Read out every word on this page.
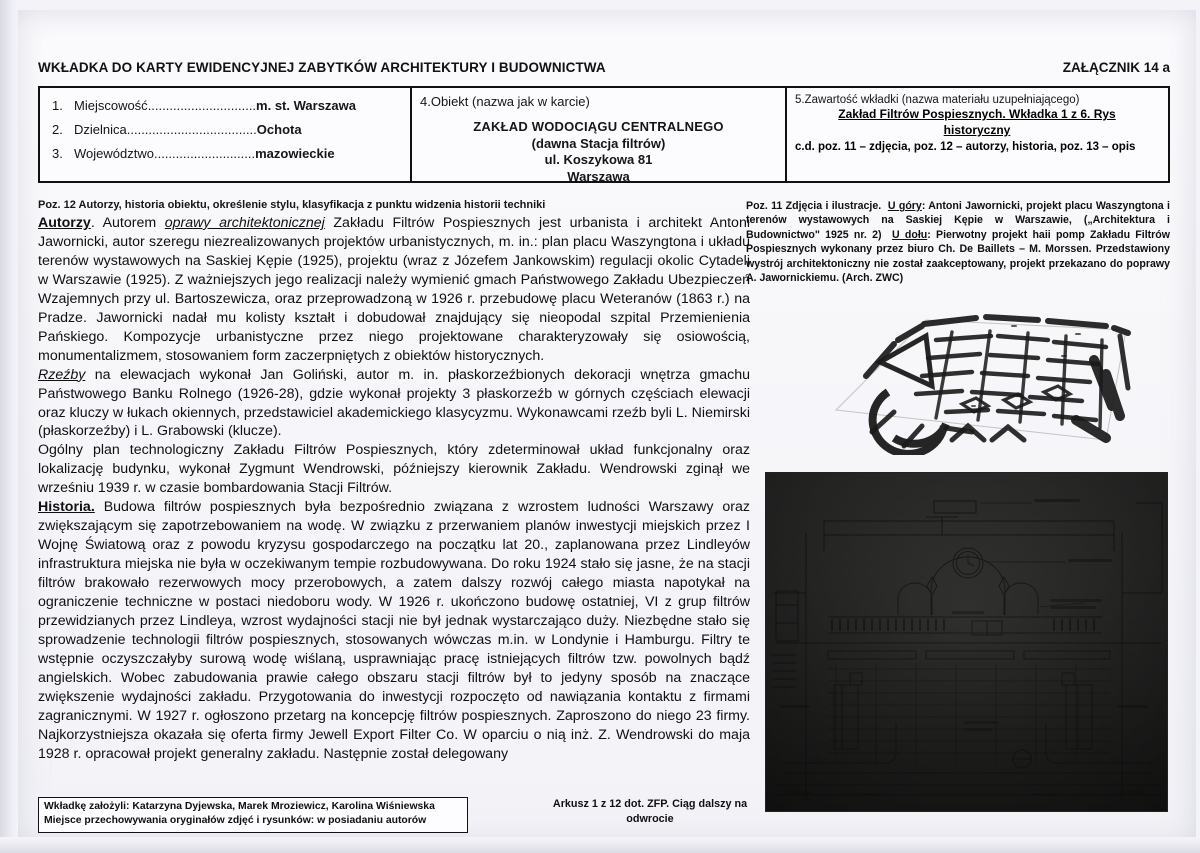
WKŁADKA DO KARTY EWIDENCYJNEJ ZABYTKÓW ARCHITEKTURY I BUDOWNICTWA	ZAŁĄCZNIK 14 a
1. Miejscowość..............................m. st. Warszawa
2. Dzielnica....................................Ochota
3. Województwo............................mazowieckie
4.Obiekt (nazwa jak w karcie)
ZAKŁAD WODOCIĄGU CENTRALNEGO
(dawna Stacja filtrów)
ul. Koszykowa 81
Warszawa
5.Zawartość wkładki (nazwa materiału uzupełniającego)
Zakład Filtrów Pospiesznych. Wkładka 1 z 6. Rys
historyczny
c.d. poz. 11 – zdjęcia, poz. 12 – autorzy, historia, poz. 13 – opis
Poz. 12 Autorzy, historia obiektu, określenie stylu, klasyfikacja z punktu widzenia historii techniki

Autorzy. Autorem oprawy architektonicznej Zakładu Filtrów Pospiesznych jest urbanista i architekt Antoni Jawornicki, autor szeregu niezrealizowanych projektów urbanistycznych, m. in.: plan placu Waszyngtona i układu terenów wystawowych na Saskiej Kępie (1925), projektu (wraz z Józefem Jankowskim) regulacji okolic Cytadeli w Warszawie (1925). Z ważniejszych jego realizacji należy wymienić gmach Państwowego Zakładu Ubezpieczeń Wzajemnych przy ul. Bartoszewicza, oraz przeprowadzoną w 1926 r. przebudowę placu Weteranów (1863 r.) na Pradze. Jawornicki nadał mu kolisty kształt i dobudował znajdujący się nieopodal szpital Przemienienia Pańskiego. Kompozycje urbanistyczne przez niego projektowane charakteryzowały się osiowością, monumentalizmem, stosowaniem form zaczerpniętych z obiektów historycznych.

Rzeźby na elewacjach wykonał Jan Goliński, autor m. in. płaskorzeźbionych dekoracji wnętrza gmachu Państwowego Banku Rolnego (1926-28), gdzie wykonał projekty 3 płaskorzeźb w górnych częściach elewacji oraz kluczy w łukach okiennych, przedstawiciel akademickiego klasycyzmu. Wykonawcami rzeźb byli L. Niemirski (płaskorzeźby) i L. Grabowski (klucze).

Ogólny plan technologiczny Zakładu Filtrów Pospiesznych, który zdeterminował układ funkcjonalny oraz lokalizację budynku, wykonał Zygmunt Wendrowski, późniejszy kierownik Zakładu. Wendrowski zginął we wrześniu 1939 r. w czasie bombardowania Stacji Filtrów.

Historia. Budowa filtrów pospiesznych była bezpośrednio związana z wzrostem ludności Warszawy oraz zwiększającym się zapotrzebowaniem na wodę. W związku z przerwaniem planów inwestycji miejskich przez I Wojnę Światową oraz z powodu kryzysu gospodarczego na początku lat 20., zaplanowana przez Lindleyów infrastruktura miejska nie była w oczekiwanym tempie rozbudowywana. Do roku 1924 stało się jasne, że na stacji filtrów brakowało rezerwowych mocy przerobowych, a zatem dalszy rozwój całego miasta napotykał na ograniczenie techniczne w postaci niedoboru wody. W 1926 r. ukończono budowę ostatniej, VI z grup filtrów przewidzianych przez Lindleya, wzrost wydajności stacji nie był jednak wystarczająco duży. Niezbędne stało się sprowadzenie technologii filtrów pospiesznych, stosowanych wówczas m.in. w Londynie i Hamburgu. Filtry te wstępnie oczyszczałyby surową wodę wiślaną, usprawniając pracę istniejących filtrów tzw. powolnych bądź angielskich. Wobec zabudowania prawie całego obszaru stacji filtrów był to jedyny sposób na znaczące zwiększenie wydajności zakładu. Przygotowania do inwestycji rozpoczęto od nawiązania kontaktu z firmami zagranicznymi. W 1927 r. ogłoszono przetarg na koncepcję filtrów pospiesznych. Zaproszono do niego 23 firmy. Najkorzystniejsza okazała się oferta firmy Jewell Export Filter Co. W oparciu o nią inż. Z. Wendrowski do maja 1928 r. opracował projekt generalny zakładu. Następnie został delegowany

Poz. 11 Zdjęcia i ilustracje. U góry: Antoni Jawornicki, projekt placu Waszyngtona i terenów wystawowych na Saskiej Kępie w Warszawie, („Architektura i Budownictwo" 1925 nr. 2) U dołu: Pierwotny projekt haii pomp Zakładu Filtrów Pospiesznych wykonany przez biuro Ch. De Baillets – M. Morssen. Przedstawiony wystrój architektoniczny nie został zaakceptowany, projekt przekazano do poprawy A. Jawornickiemu. (Arch. ZWC)
Wkładkę założyli: Katarzyna Dyjewska, Marek Mroziewicz, Karolina Wiśniewska
Miejsce przechowywania oryginałów zdjęć i rysunków: w posiadaniu autorów
Arkusz 1 z 12 dot. ZFP. Ciąg dalszy na
odwrocie
